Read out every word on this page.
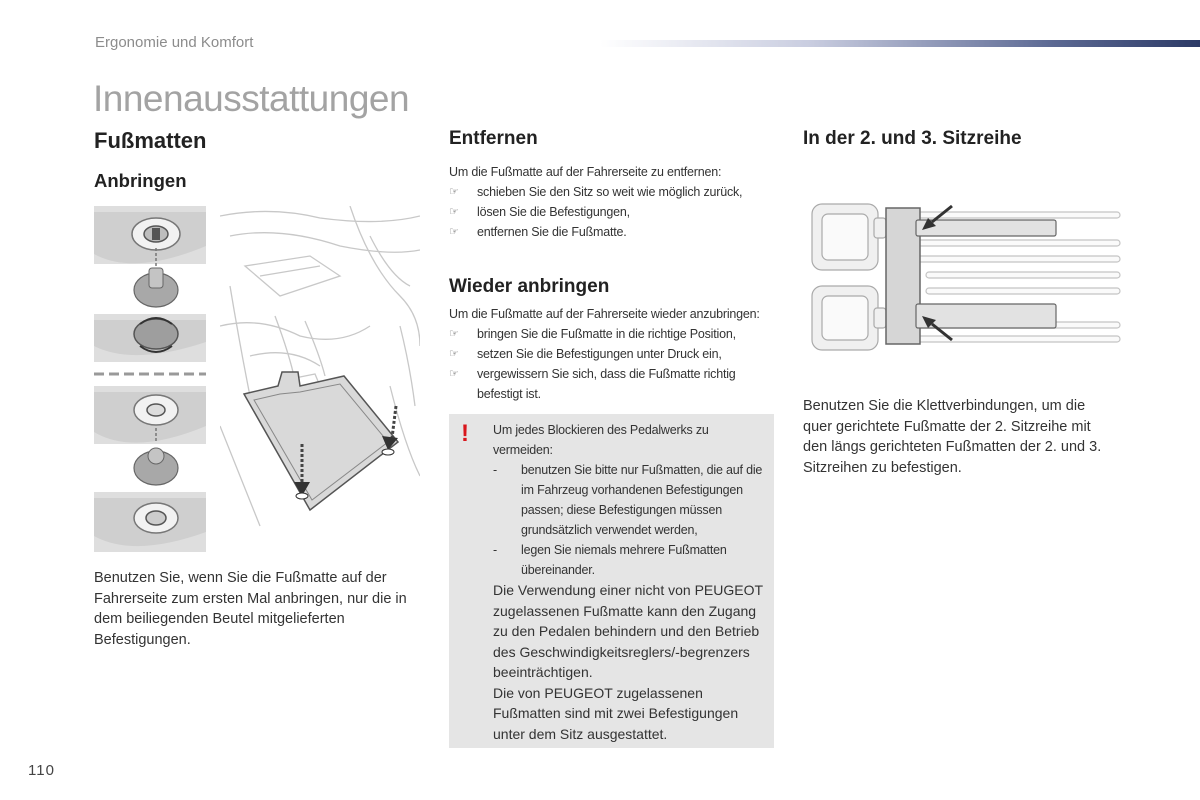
Ergonomie und Komfort
Innenausstattungen
Fußmatten
Anbringen
Benutzen Sie, wenn Sie die Fußmatte auf der Fahrerseite zum ersten Mal anbringen, nur die in dem beiliegenden Beutel mitgelieferten Befestigungen.
Entfernen
Um die Fußmatte auf der Fahrerseite zu entfernen:
☞ schieben Sie den Sitz so weit wie möglich zurück,
☞ lösen Sie die Befestigungen,
☞ entfernen Sie die Fußmatte.
Wieder anbringen
Um die Fußmatte auf der Fahrerseite wieder anzubringen:
☞ bringen Sie die Fußmatte in die richtige Position,
☞ setzen Sie die Befestigungen unter Druck ein,
☞ vergewissern Sie sich, dass die Fußmatte richtig befestigt ist.
! Um jedes Blockieren des Pedalwerks zu vermeiden:
- benutzen Sie bitte nur Fußmatten, die auf die im Fahrzeug vorhandenen Befestigungen passen; diese Befestigungen müssen grundsätzlich verwendet werden,
- legen Sie niemals mehrere Fußmatten übereinander.
Die Verwendung einer nicht von PEUGEOT zugelassenen Fußmatte kann den Zugang zu den Pedalen behindern und den Betrieb des Geschwindigkeitsreglers/-begrenzers beeinträchtigen.
Die von PEUGEOT zugelassenen Fußmatten sind mit zwei Befestigungen unter dem Sitz ausgestattet.
In der 2. und 3. Sitzreihe
Benutzen Sie die Klettverbindungen, um die quer gerichtete Fußmatte der 2. Sitzreihe mit den längs gerichteten Fußmatten der 2. und 3. Sitzreihen zu befestigen.
110
